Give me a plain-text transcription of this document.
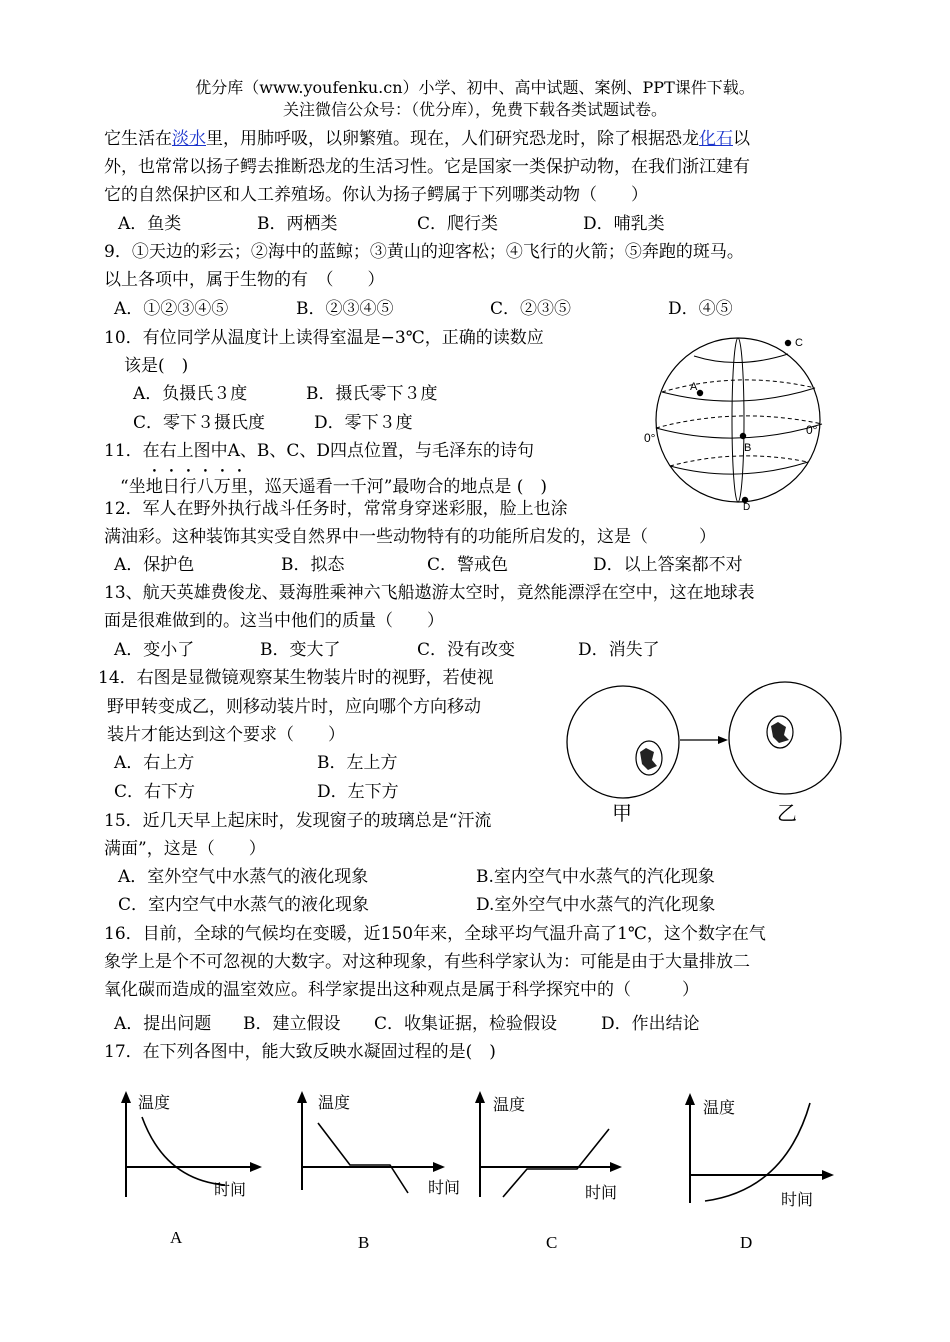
优分库（www.youfenku.cn）小学、初中、高中试题、案例、PPT课件下载。
关注微信公众号：（优分库），免费下载各类试题试卷。
它生活在淡水里，用肺呼吸，以卵繁殖。现在，人们研究恐龙时，除了根据恐龙化石以
外，也常常以扬子鳄去推断恐龙的生活习性。它是国家一类保护动物，在我们浙江建有
它的自然保护区和人工养殖场。你认为扬子鳄属于下列哪类动物（　　）
A．鱼类	B．两栖类	C．爬行类	D．哺乳类
9．①天边的彩云；②海中的蓝鲸；③黄山的迎客松；④飞行的火箭；⑤奔跑的斑马。
以上各项中，属于生物的有　（　　）
A．①②③④⑤	B．②③④⑤	C．②③⑤	D．④⑤
10．有位同学从温度计上读得室温是−3℃，正确的读数应
该是(　)
A．负摄氏３度	B．摄氏零下３度
C．零下３摄氏度	D．零下３度
A
B
C
D
0°
0°
11．在右上图中A、B、C、D四点位置，与毛泽东的诗句
“坐地日行八万里，巡天遥看一千河”最吻合的地点是 (　)
12．军人在野外执行战斗任务时，常常身穿迷彩服，脸上也涂
满油彩。这种装饰其实受自然界中一些动物特有的功能所启发的，这是（　　　）
A．保护色	B．拟态	C．警戒色	D．以上答案都不对
13、航天英雄费俊龙、聂海胜乘神六飞船遨游太空时，竟然能漂浮在空中，这在地球表
面是很难做到的。这当中他们的质量（　　）
A．变小了	B．变大了	C．没有改变	D．消失了
14．右图是显微镜观察某生物装片时的视野，若使视
野甲转变成乙，则移动装片时，应向哪个方向移动
装片才能达到这个要求（　　）
A．右上方	B．左上方
C．右下方	D．左下方
甲	乙
15．近几天早上起床时，发现窗子的玻璃总是“汗流
满面”，这是（　　）
A．室外空气中水蒸气的液化现象	B.室内空气中水蒸气的汽化现象
C．室内空气中水蒸气的液化现象	D.室外空气中水蒸气的汽化现象
16．目前，全球的气候均在变暖，近150年来，全球平均气温升高了1℃，这个数字在气
象学上是个不可忽视的大数字。对这种现象，有些科学家认为：可能是由于大量排放二
氧化碳而造成的温室效应。科学家提出这种观点是属于科学探究中的（　　　）
A．提出问题 B．建立假设 C．收集证据，检验假设	D．作出结论
17．在下列各图中，能大致反映水凝固过程的是(　)
温度
时间
A
温度
时间
B
温度
时间
C
温度
时间
D
